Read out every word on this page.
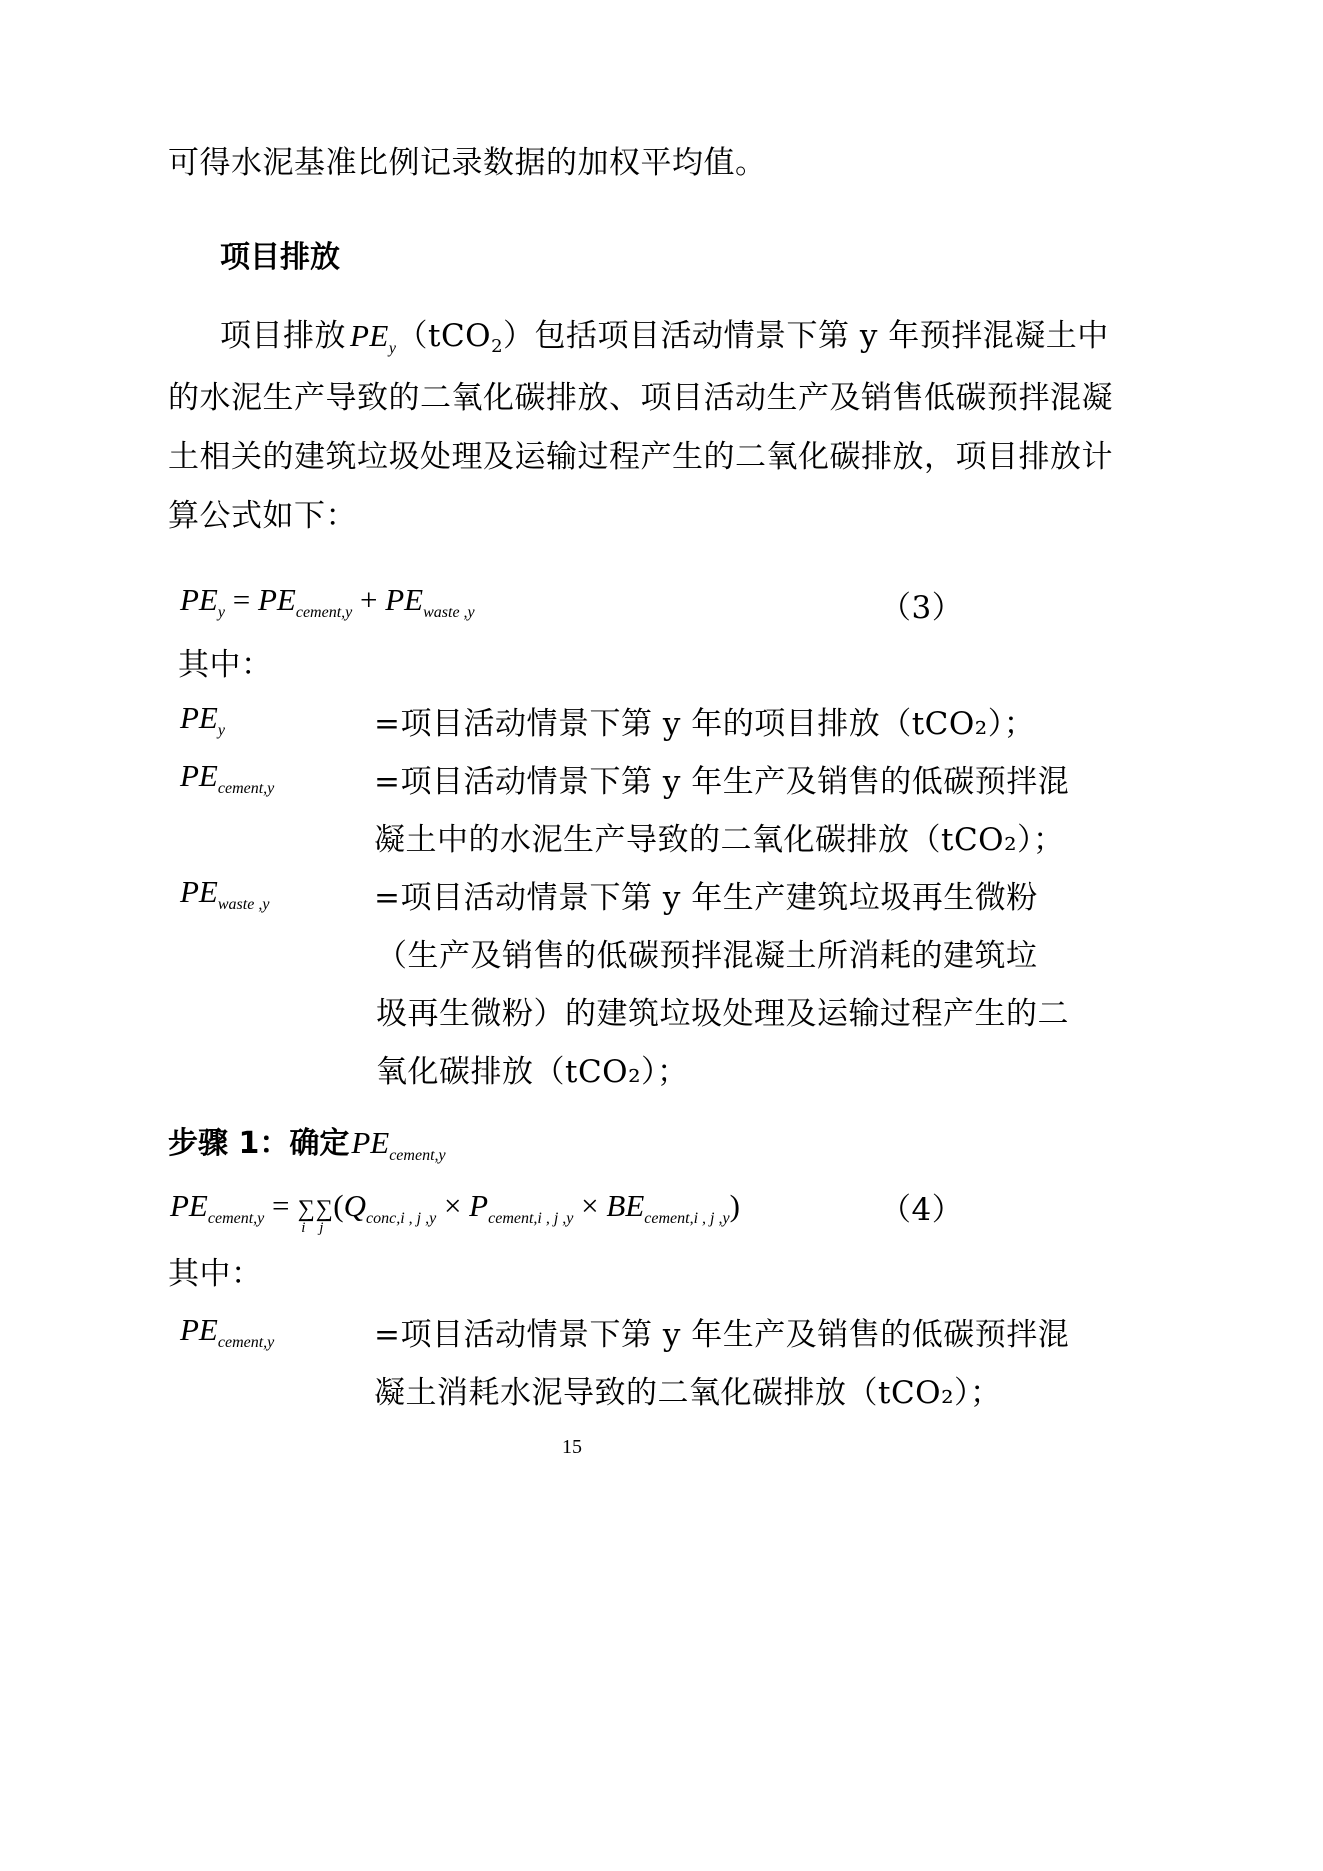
可得水泥基准比例记录数据的加权平均值。
项目排放
项目排放 $PE_y(tCO2)$包括项目活动情景下第 y 年预拌混凝土中
的水泥生产导致的二氧化碳排放、项目活动生产及销售低碳预拌混凝
土相关的建筑垃圾处理及运输过程产生的二氧化碳排放，项目排放计
算公式如下：
$PE_y = PE_{cement,y} + PE_{waste ,y}$	（3）
其中：
$PE_y$	=项目活动情景下第 y 年的项目排放（tCO₂）；
$PE_{cement,y}$	=项目活动情景下第 y 年生产及销售的低碳预拌混
凝土中的水泥生产导致的二氧化碳排放（tCO₂）；
$PE_{waste ,y}$	=项目活动情景下第 y 年生产建筑垃圾再生微粉
（生产及销售的低碳预拌混凝土所消耗的建筑垃
圾再生微粉）的建筑垃圾处理及运输过程产生的二
氧化碳排放（tCO₂）；
步骤 1：确定$PE_{cement,y}$
$PE_{cement,y}$ = ∑
i
∑
j
$(Q_{conc,i , j ,y} \times P_{cement,i , j ,y} \times BE_{cement,i , j ,y})$	（4）
其中：
$PE_{cement,y}$	=项目活动情景下第 y 年生产及销售的低碳预拌混
凝土消耗水泥导致的二氧化碳排放（tCO₂）；
15
